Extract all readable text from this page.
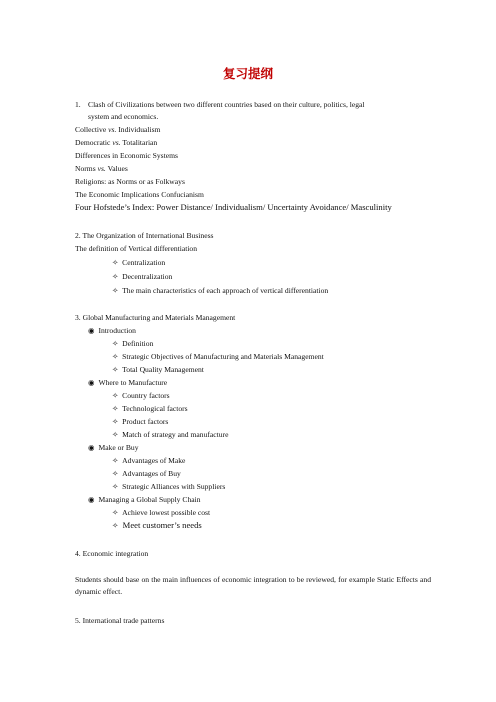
复习提纲
1. Clash of Civilizations between two different countries based on their culture, politics, legal
system and economics.
Collective vs. Individualism
Democratic vs. Totalitarian
Differences in Economic Systems
Norms vs. Values
Religions: as Norms or as Folkways
The Economic Implications Confucianism
Four Hofstede’s Index: Power Distance/ Individualism/ Uncertainty Avoidance/ Masculinity
2. The Organization of International Business
The definition of Vertical differentiation
✧ Centralization
✧ Decentralization
✧ The main characteristics of each approach of vertical differentiation
3. Global Manufacturing and Materials Management
◉ Introduction
✧ Definition
✧ Strategic Objectives of Manufacturing and Materials Management
✧ Total Quality Management
◉ Where to Manufacture
✧ Country factors
✧ Technological factors
✧ Product factors
✧ Match of strategy and manufacture
◉ Make or Buy
✧ Advantages of Make
✧ Advantages of Buy
✧ Strategic Alliances with Suppliers
◉ Managing a Global Supply Chain
✧ Achieve lowest possible cost
✧ Meet customer’s needs
4. Economic integration
Students should base on the main influences of economic integration to be reviewed, for example Static Effects and dynamic effect.
5. International trade patterns
